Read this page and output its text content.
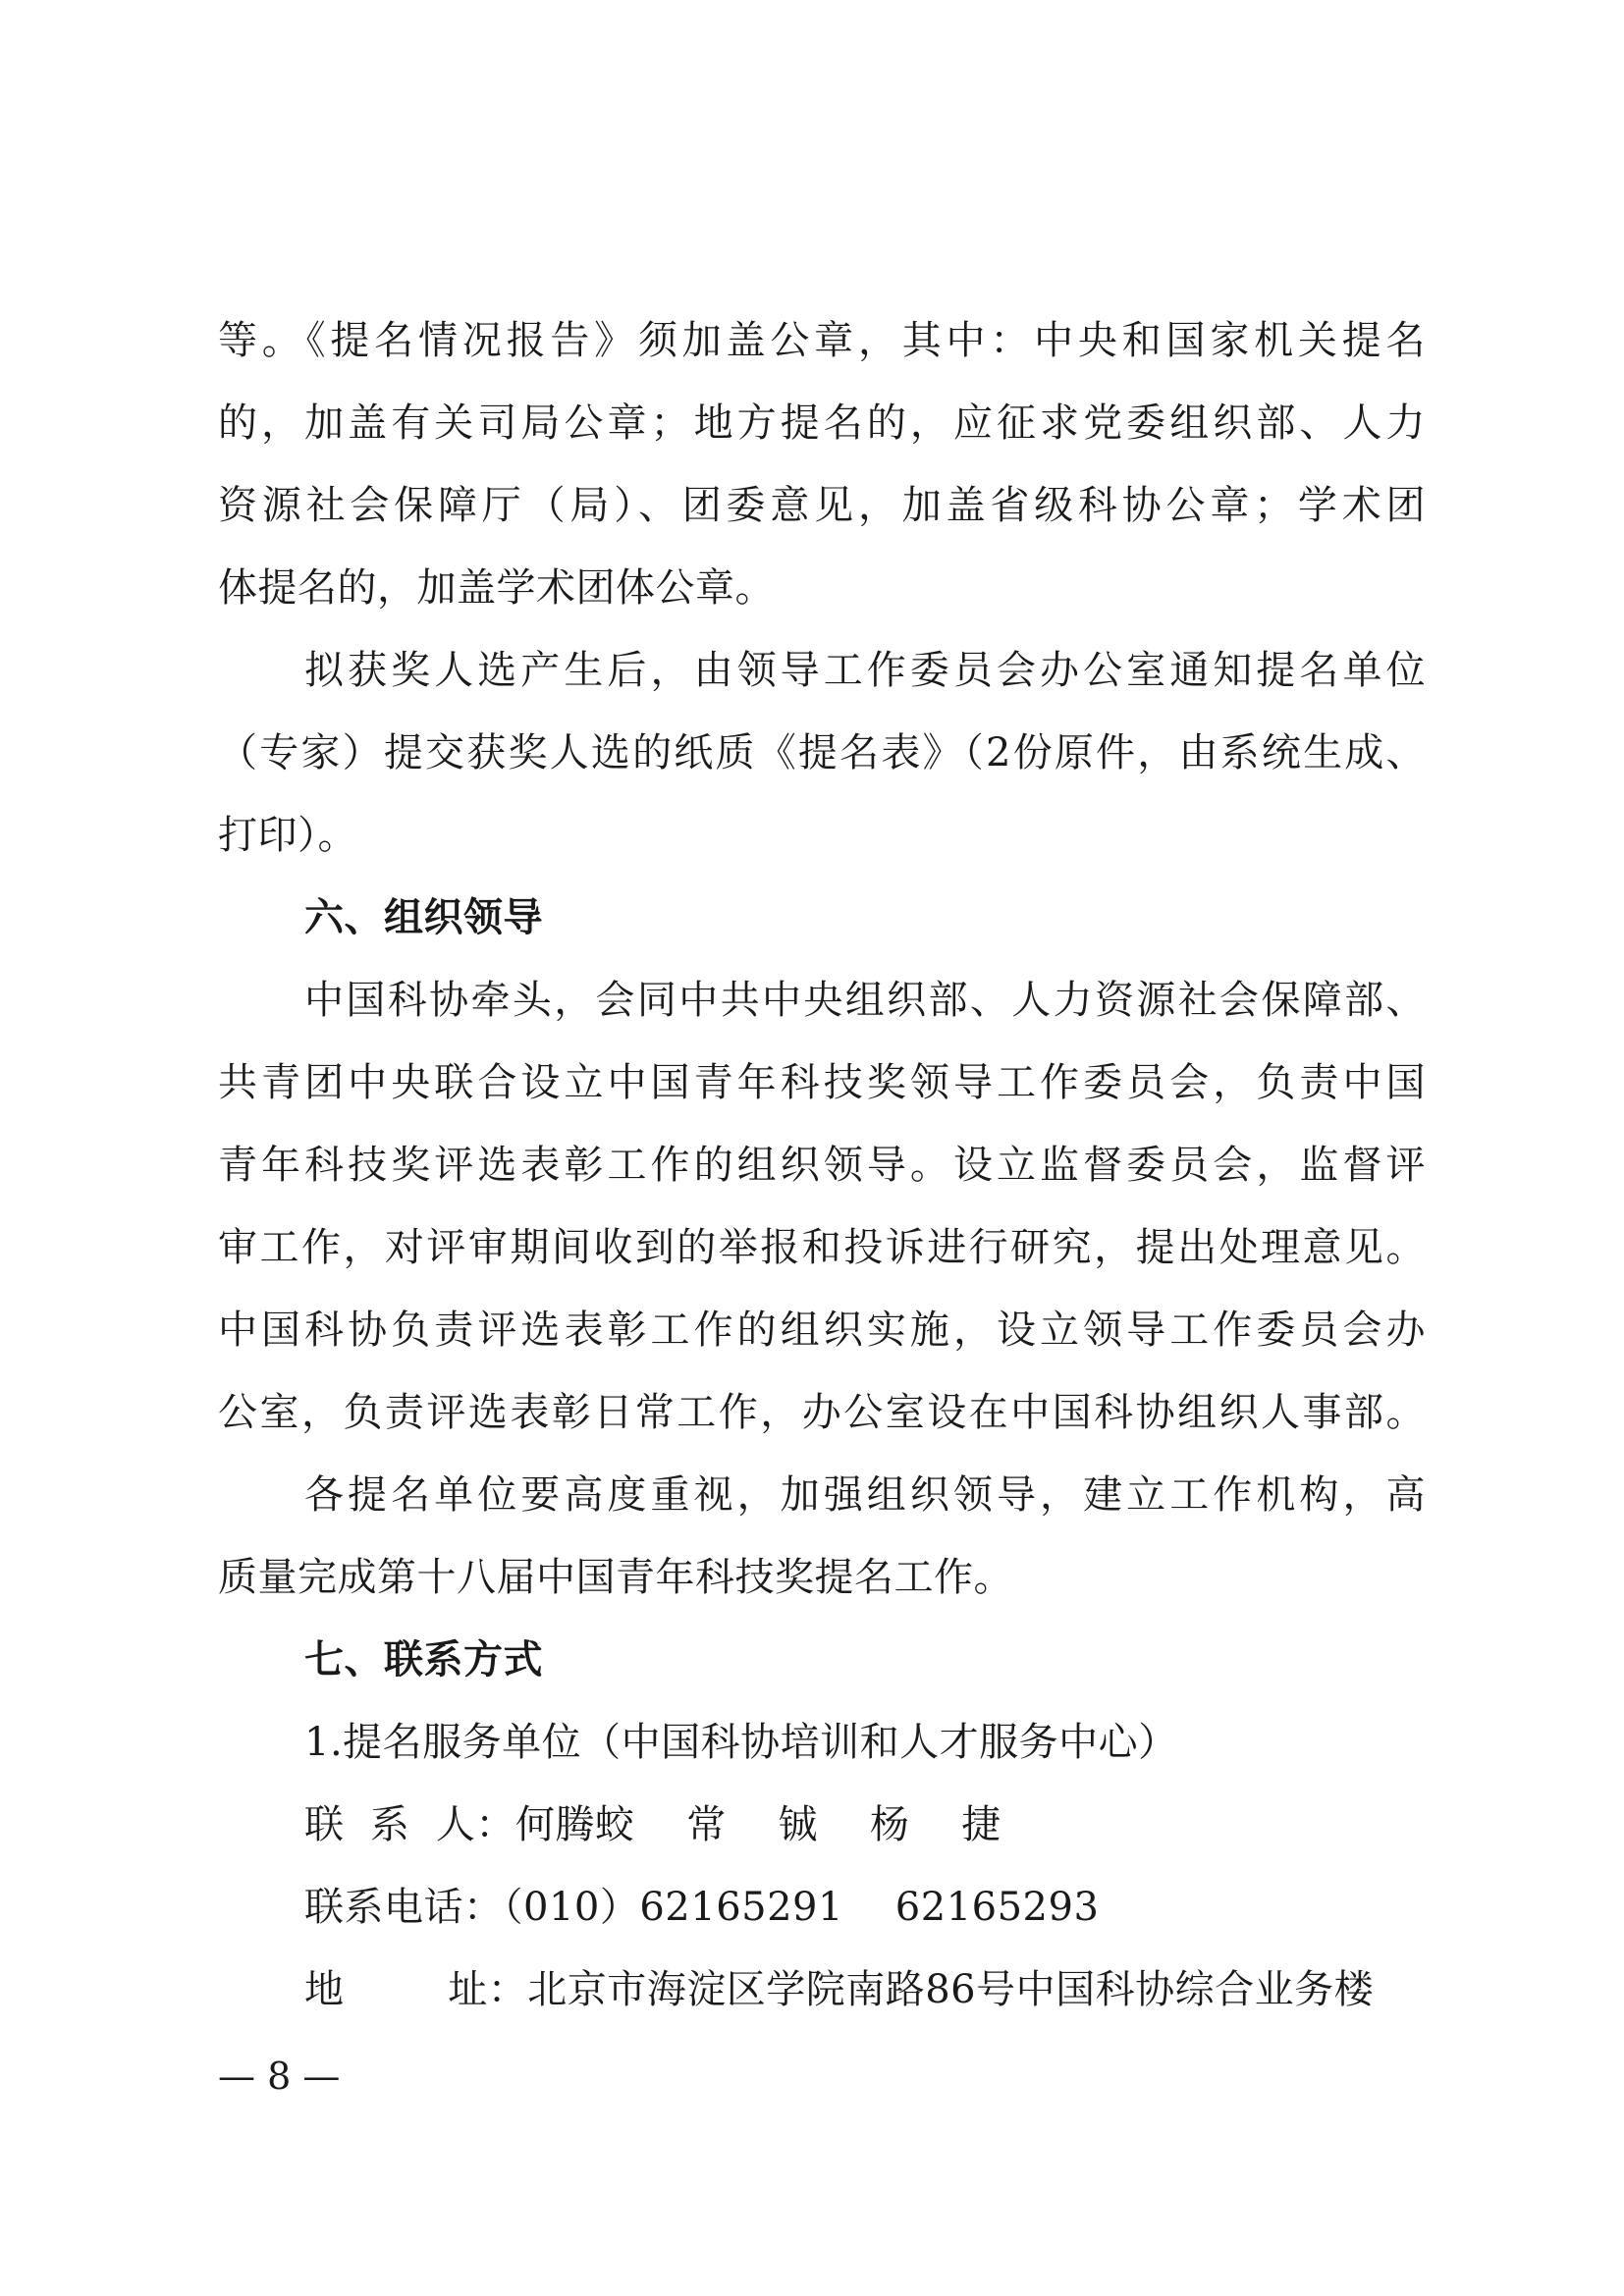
等。《提名情况报告》须加盖公章，其中：中央和国家机关提名
的，加盖有关司局公章；地方提名的，应征求党委组织部、人力
资源社会保障厅（局）、团委意见，加盖省级科协公章；学术团
体提名的，加盖学术团体公章。
拟获奖人选产生后，由领导工作委员会办公室通知提名单位
（专家）提交获奖人选的纸质《提名表》（2份原件，由系统生成、
打印）。
六、组织领导
中国科协牵头，会同中共中央组织部、人力资源社会保障部、
共青团中央联合设立中国青年科技奖领导工作委员会，负责中国
青年科技奖评选表彰工作的组织领导。设立监督委员会，监督评
审工作，对评审期间收到的举报和投诉进行研究，提出处理意见。
中国科协负责评选表彰工作的组织实施，设立领导工作委员会办
公室，负责评选表彰日常工作，办公室设在中国科协组织人事部。
各提名单位要高度重视，加强组织领导，建立工作机构，高
质量完成第十八届中国青年科技奖提名工作。
七、联系方式
1.提名服务单位（中国科协培训和人才服务中心）
联  系  人：何腾蛟    常    铖    杨    捷
联系电话：（010）62165291    62165293
地        址：北京市海淀区学院南路86号中国科协综合业务楼
— 8 —
